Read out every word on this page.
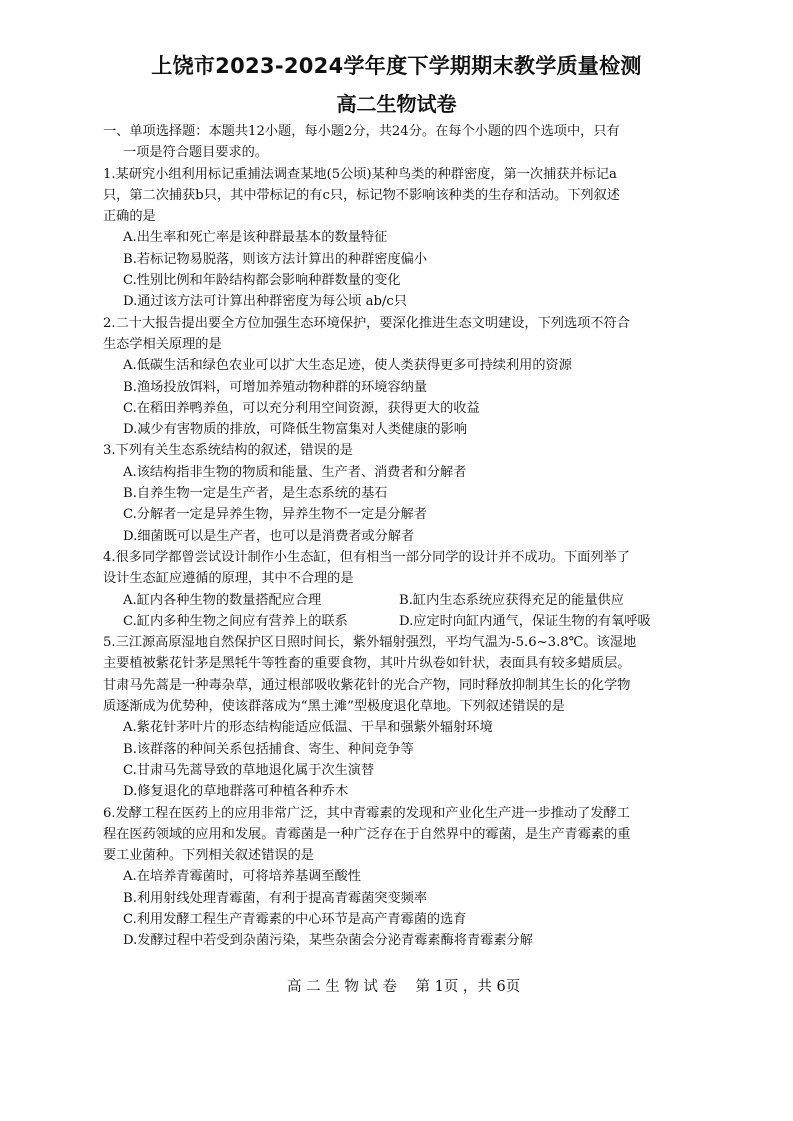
上饶市2023-2024学年度下学期期末教学质量检测
高二生物试卷
一、单项选择题：本题共12小题，每小题2分，共24分。在每个小题的四个选项中，只有
一项是符合题目要求的。
1.某研究小组利用标记重捕法调查某地(5公顷)某种鸟类的种群密度，第一次捕获并标记a
只，第二次捕获b只，其中带标记的有c只，标记物不影响该种类的生存和活动。下列叙述
正确的是
A.出生率和死亡率是该种群最基本的数量特征
B.若标记物易脱落，则该方法计算出的种群密度偏小
C.性别比例和年龄结构都会影响种群数量的变化
D.通过该方法可计算出种群密度为每公顷 ab/c只
2.二十大报告提出要全方位加强生态环境保护，要深化推进生态文明建设，下列选项不符合
生态学相关原理的是
A.低碳生活和绿色农业可以扩大生态足迹，使人类获得更多可持续利用的资源
B.渔场投放饵料，可增加养殖动物种群的环境容纳量
C.在稻田养鸭养鱼，可以充分利用空间资源，获得更大的收益
D.减少有害物质的排放，可降低生物富集对人类健康的影响
3.下列有关生态系统结构的叙述，错误的是
A.该结构指非生物的物质和能量、生产者、消费者和分解者
B.自养生物一定是生产者，是生态系统的基石
C.分解者一定是异养生物，异养生物不一定是分解者
D.细菌既可以是生产者，也可以是消费者或分解者
4.很多同学都曾尝试设计制作小生态缸，但有相当一部分同学的设计并不成功。下面列举了
设计生态缸应遵循的原理，其中不合理的是
A.缸内各种生物的数量搭配应合理	B.缸内生态系统应获得充足的能量供应
C.缸内多种生物之间应有营养上的联系	D.应定时向缸内通气，保证生物的有氧呼吸
5.三江源高原湿地自然保护区日照时间长，紫外辐射强烈，平均气温为-5.6~3.8℃。该湿地
主要植被紫花针茅是黑牦牛等牲畜的重要食物，其叶片纵卷如针状，表面具有较多蜡质层。
甘肃马先蒿是一种毒杂草，通过根部吸收紫花针的光合产物，同时释放抑制其生长的化学物
质逐渐成为优势种，使该群落成为“黑土滩”型极度退化草地。下列叙述错误的是
A.紫花针茅叶片的形态结构能适应低温、干旱和强紫外辐射环境
B.该群落的种间关系包括捕食、寄生、种间竞争等
C.甘肃马先蒿导致的草地退化属于次生演替
D.修复退化的草地群落可种植各种乔木
6.发酵工程在医药上的应用非常广泛，其中青霉素的发现和产业化生产进一步推动了发酵工
程在医药领域的应用和发展。青霉菌是一种广泛存在于自然界中的霉菌，是生产青霉素的重
要工业菌种。下列相关叙述错误的是
A.在培养青霉菌时，可将培养基调至酸性
B.利用射线处理青霉菌，有利于提高青霉菌突变频率
C.利用发酵工程生产青霉素的中心环节是高产青霉菌的选育
D.发酵过程中若受到杂菌污染，某些杂菌会分泌青霉素酶将青霉素分解
高 二 生 物 试 卷    第 1页 ，共 6页
